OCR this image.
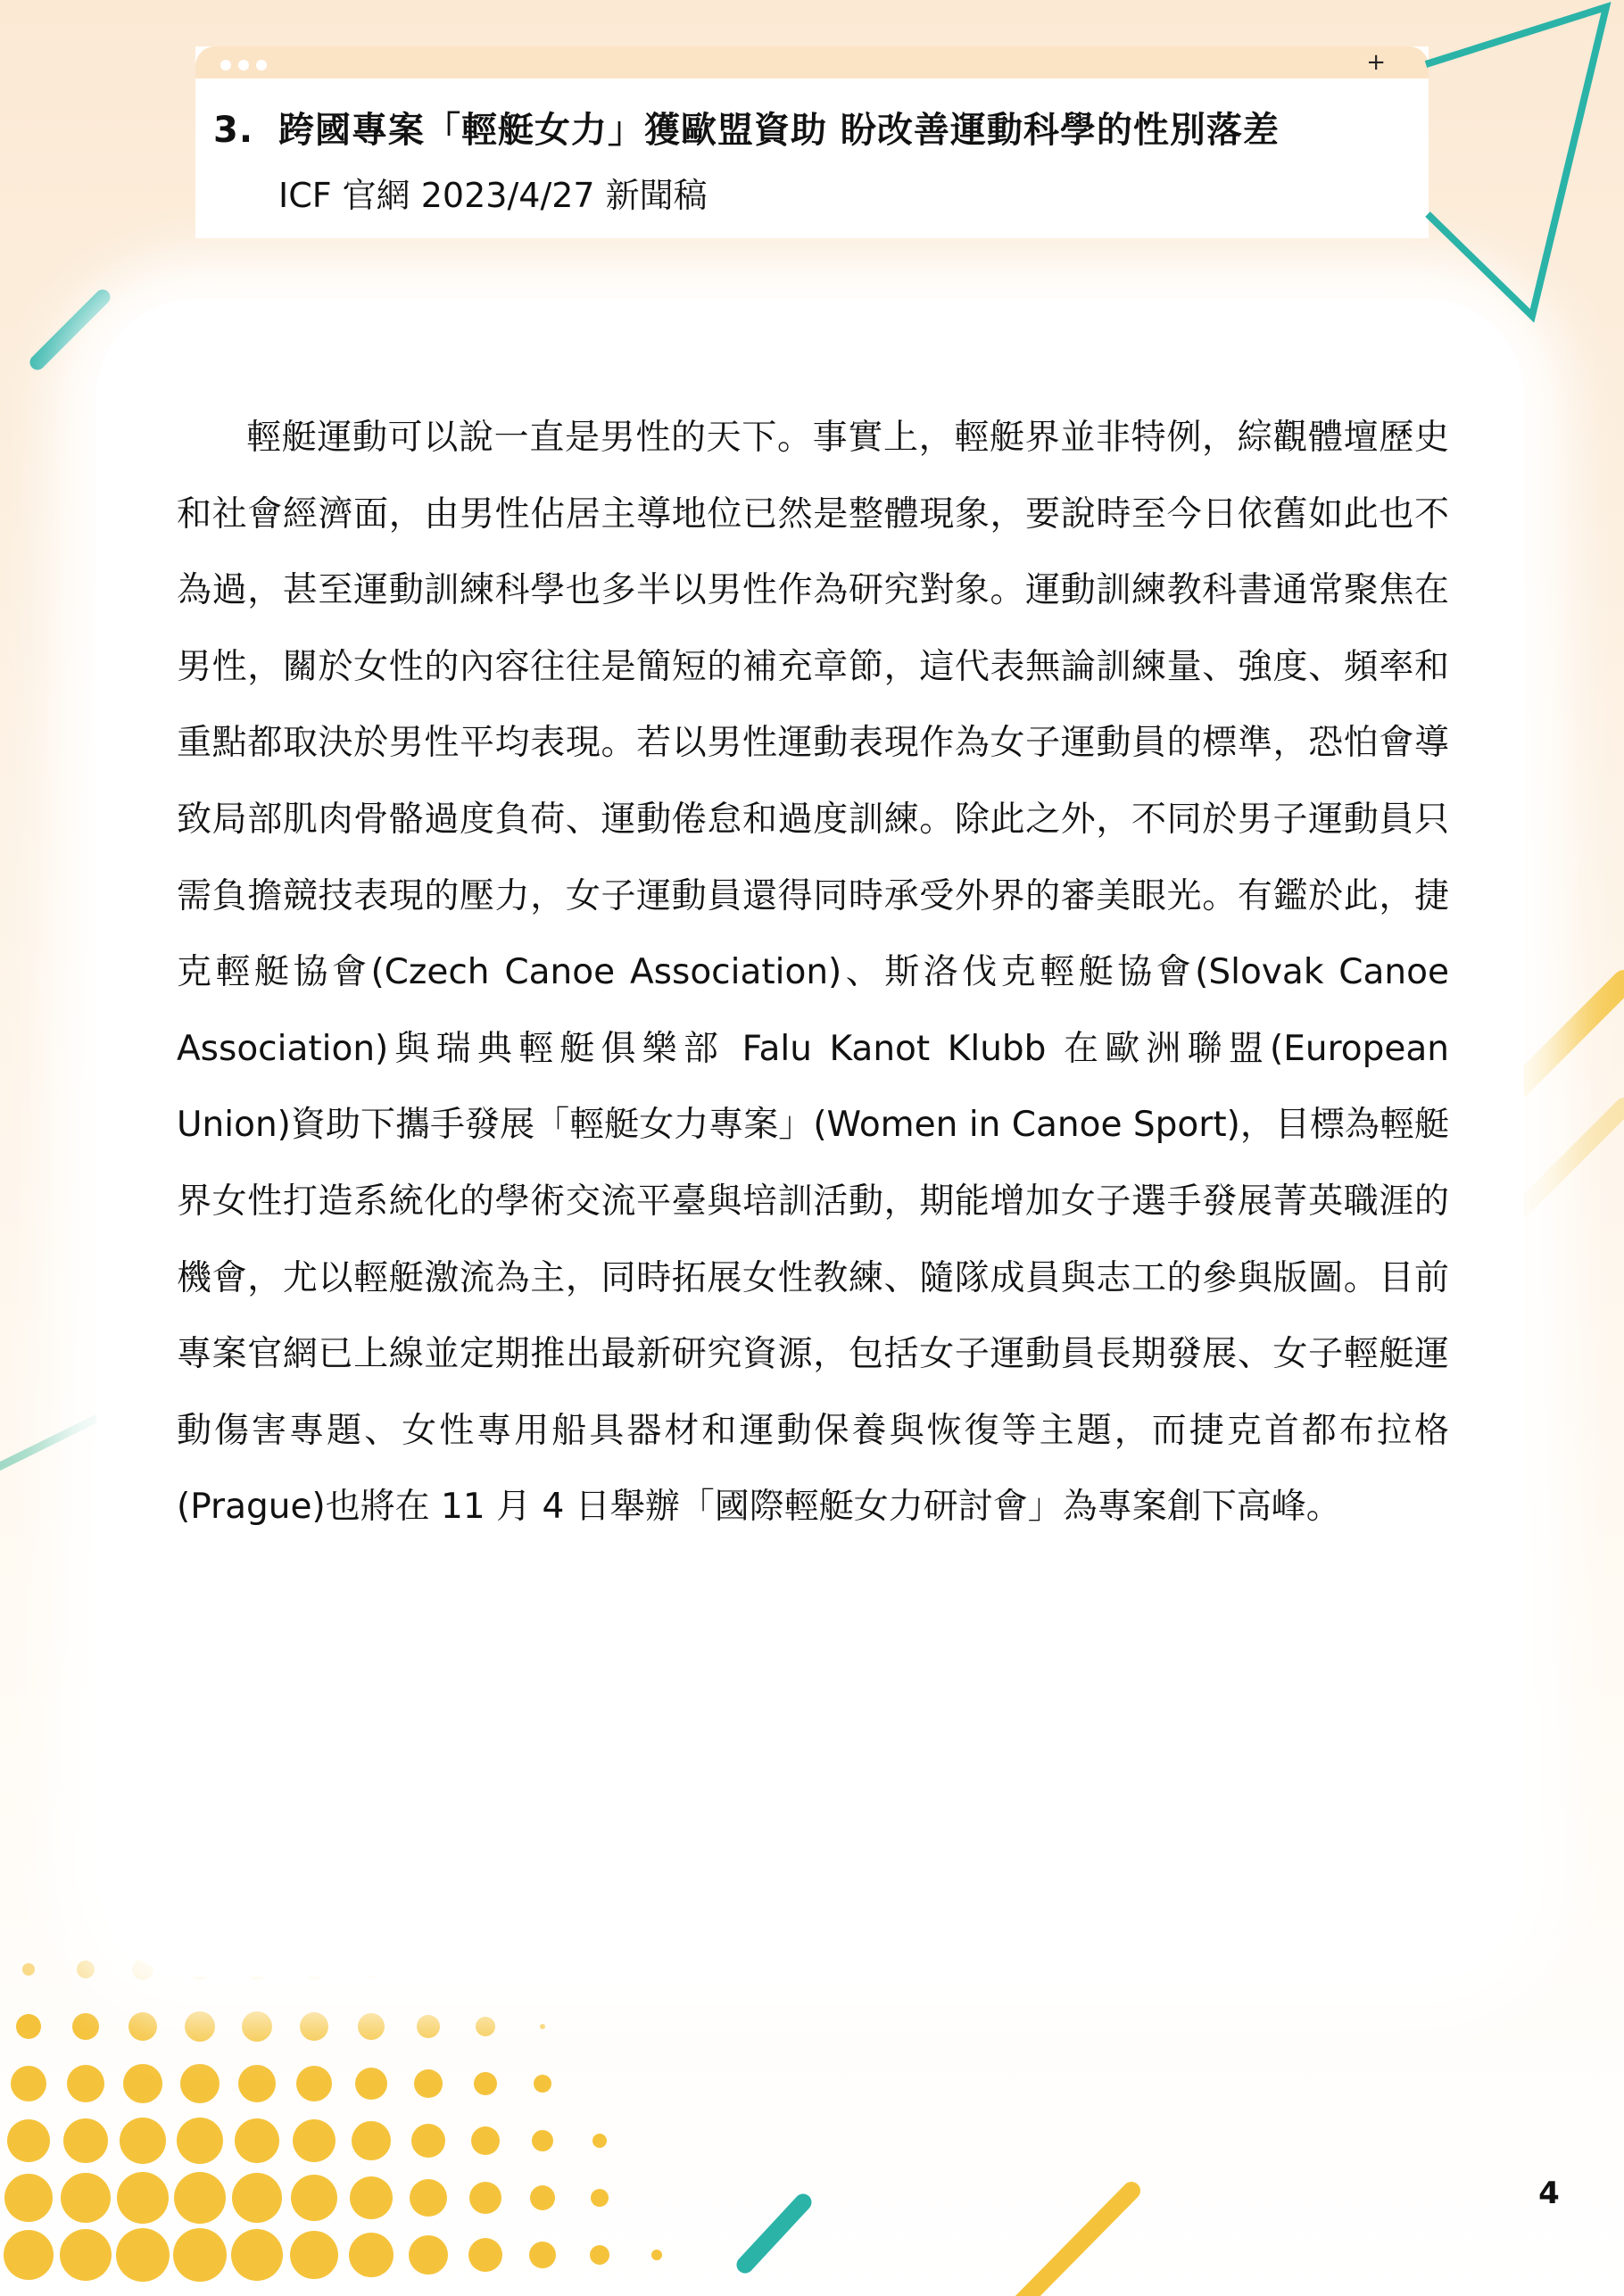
+
3. 跨國專案「輕艇女力」獲歐盟資助 盼改善運動科學的性別落差

ICF 官網 2023/4/27 新聞稿

輕艇運動可以說一直是男性的天下。事實上，輕艇界並非特例，綜觀體壇歷史和社會經濟面，由男性佔居主導地位已然是整體現象，要說時至今日依舊如此也不為過，甚至運動訓練科學也多半以男性作為研究對象。運動訓練教科書通常聚焦在男性，關於女性的內容往往是簡短的補充章節，這代表無論訓練量、強度、頻率和重點都取決於男性平均表現。若以男性運動表現作為女子運動員的標準，恐怕會導致局部肌肉骨骼過度負荷、運動倦怠和過度訓練。除此之外，不同於男子運動員只需負擔競技表現的壓力，女子運動員還得同時承受外界的審美眼光。有鑑於此，捷克輕艇協會(Czech Canoe Association)、斯洛伐克輕艇協會(Slovak Canoe Association)與瑞典輕艇俱樂部 Falu Kanot Klubb 在歐洲聯盟(European Union)資助下攜手發展「輕艇女力專案」(Women in Canoe Sport)，目標為輕艇界女性打造系統化的學術交流平臺與培訓活動，期能增加女子選手發展菁英職涯的機會，尤以輕艇激流為主，同時拓展女性教練、隨隊成員與志工的參與版圖。目前專案官網已上線並定期推出最新研究資源，包括女子運動員長期發展、女子輕艇運動傷害專題、女性專用船具器材和運動保養與恢復等主題，而捷克首都布拉格(Prague)也將在 11 月 4 日舉辦「國際輕艇女力研討會」為專案創下高峰。

4
